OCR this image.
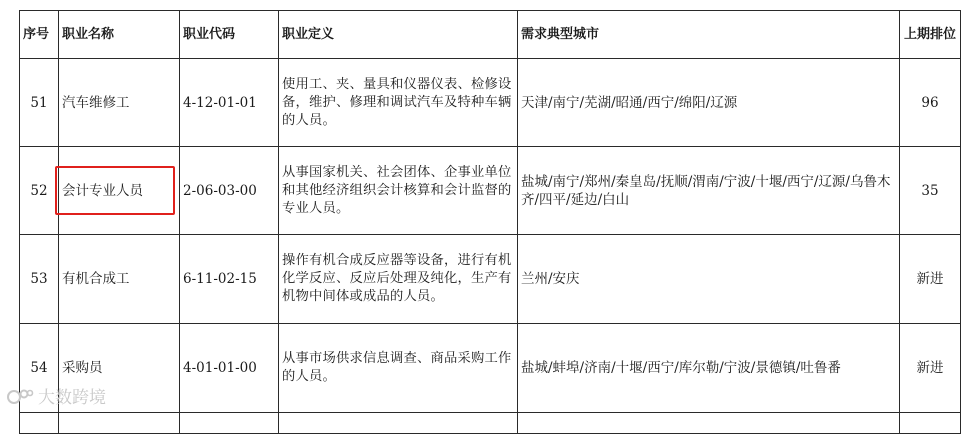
序号	职业名称	职业代码	职业定义	需求典型城市	上期排位
51	汽车维修工	4-12-01-01	使用工、夹、量具和仪器仪表、检修设备，维护、修理和调试汽车及特种车辆的人员。	天津/南宁/芜湖/昭通/西宁/绵阳/辽源	96
52	会计专业人员	2-06-03-00	从事国家机关、社会团体、企事业单位和其他经济组织会计核算和会计监督的专业人员。	盐城/南宁/郑州/秦皇岛/抚顺/渭南/宁波/十堰/西宁/辽源/乌鲁木齐/四平/延边/白山	35
53	有机合成工	6-11-02-15	操作有机合成反应器等设备，进行有机化学反应、反应后处理及纯化，生产有机物中间体或成品的人员。	兰州/安庆	新进
54	采购员	4-01-01-00	从事市场供求信息调查、商品采购工作的人员。	盐城/蚌埠/济南/十堰/西宁/库尔勒/宁波/景德镇/吐鲁番	新进

大数跨境
